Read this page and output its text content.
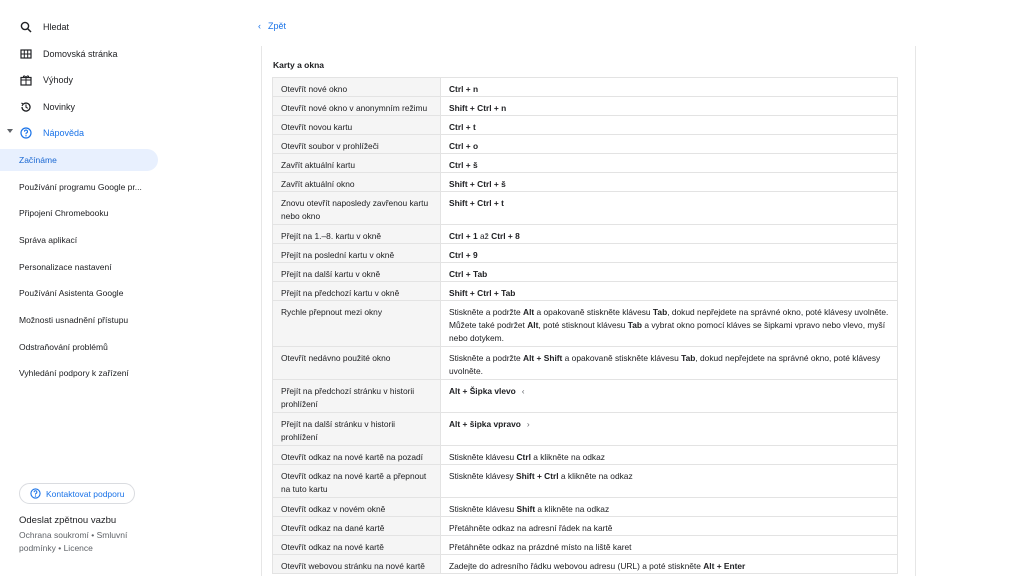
Hledat
Domovská stránka
Výhody
Novinky
Nápověda
Začínáme
Používání programu Google pr...
Připojení Chromebooku
Správa aplikací
Personalizace nastavení
Používání Asistenta Google
Možnosti usnadnění přístupu
Odstraňování problémů
Vyhledání podpory k zařízení
Kontaktovat podporu
Odeslat zpětnou vazbu
Ochrana soukromí • Smluvní podmínky • Licence
‹ Zpět
Karty a okna
Otevřít nové okno	Ctrl + n
Otevřít nové okno v anonymním režimu	Shift + Ctrl + n
Otevřít novou kartu	Ctrl + t
Otevřít soubor v prohlížeči	Ctrl + o
Zavřít aktuální kartu	Ctrl + š
Zavřít aktuální okno	Shift + Ctrl + š
Znovu otevřít naposledy zavřenou kartu nebo okno	Shift + Ctrl + t
Přejít na 1.–8. kartu v okně	Ctrl + 1 až Ctrl + 8
Přejít na poslední kartu v okně	Ctrl + 9
Přejít na další kartu v okně	Ctrl + Tab
Přejít na předchozí kartu v okně	Shift + Ctrl + Tab
Rychle přepnout mezi okny	Stiskněte a podržte Alt a opakovaně stiskněte klávesu Tab, dokud nepřejdete na správné okno, poté klávesy uvolněte. Můžete také podržet Alt, poté stisknout klávesu Tab a vybrat okno pomocí kláves se šipkami vpravo nebo vlevo, myší nebo dotykem.
Otevřít nedávno použité okno	Stiskněte a podržte Alt + Shift a opakovaně stiskněte klávesu Tab, dokud nepřejdete na správné okno, poté klávesy uvolněte.
Přejít na předchozí stránku v historii prohlížení	Alt + Šipka vlevo ‹
Přejít na další stránku v historii prohlížení	Alt + šipka vpravo ›
Otevřít odkaz na nové kartě na pozadí	Stiskněte klávesu Ctrl a klikněte na odkaz
Otevřít odkaz na nové kartě a přepnout na tuto kartu	Stiskněte klávesy Shift + Ctrl a klikněte na odkaz
Otevřít odkaz v novém okně	Stiskněte klávesu Shift a klikněte na odkaz
Otevřít odkaz na dané kartě	Přetáhněte odkaz na adresní řádek na kartě
Otevřít odkaz na nové kartě	Přetáhněte odkaz na prázdné místo na liště karet
Otevřít webovou stránku na nové kartě	Zadejte do adresního řádku webovou adresu (URL) a poté stiskněte Alt + Enter
